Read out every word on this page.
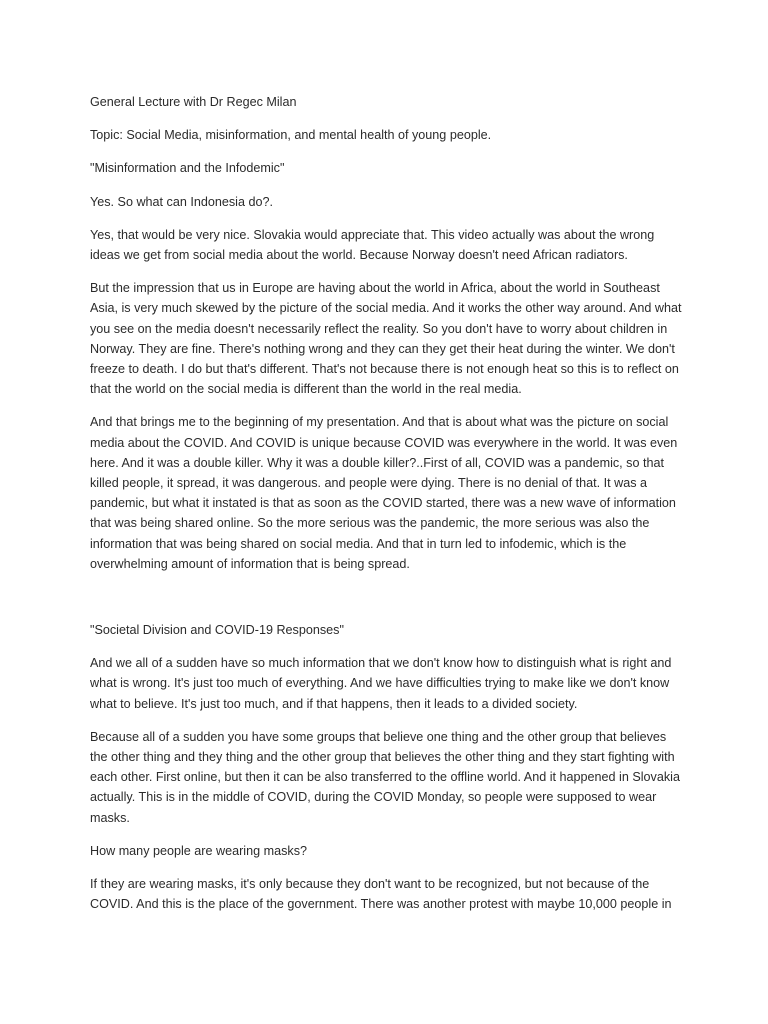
General Lecture with Dr Regec Milan

Topic: Social Media, misinformation, and mental health of young people.

"Misinformation and the Infodemic"

Yes. So what can Indonesia do?.

Yes, that would be very nice. Slovakia would appreciate that. This video actually was about the wrong ideas we get from social media about the world. Because Norway doesn't need African radiators.

But the impression that us in Europe are having about the world in Africa, about the world in Southeast Asia, is very much skewed by the picture of the social media. And it works the other way around. And what you see on the media doesn't necessarily reflect the reality. So you don't have to worry about children in Norway. They are fine. There's nothing wrong and they can they get their heat during the winter. We don't freeze to death. I do but that's different. That's not because there is not enough heat so this is to reflect on that the world on the social media is different than the world in the real media.

And that brings me to the beginning of my presentation. And that is about what was the picture on social media about the COVID. And COVID is unique because COVID was everywhere in the world. It was even here. And it was a double killer. Why it was a double killer?..First of all, COVID was a pandemic, so that killed people, it spread, it was dangerous. and people were dying. There is no denial of that. It was a pandemic, but what it instated is that as soon as the COVID started, there was a new wave of information that was being shared online. So the more serious was the pandemic, the more serious was also the information that was being shared on social media. And that in turn led to infodemic, which is the overwhelming amount of information that is being spread.

"Societal Division and COVID-19 Responses"

And we all of a sudden have so much information that we don't know how to distinguish what is right and what is wrong. It's just too much of everything. And we have difficulties trying to make like we don't know what to believe. It's just too much, and if that happens, then it leads to a divided society.

Because all of a sudden you have some groups that believe one thing and the other group that believes the other thing and they thing and the other group that believes the other thing and they start fighting with each other. First online, but then it can be also transferred to the offline world. And it happened in Slovakia actually. This is in the middle of COVID, during the COVID Monday, so people were supposed to wear masks.

How many people are wearing masks?

If they are wearing masks, it's only because they don't want to be recognized, but not because of the COVID. And this is the place of the government. There was another protest with maybe 10,000 people in
